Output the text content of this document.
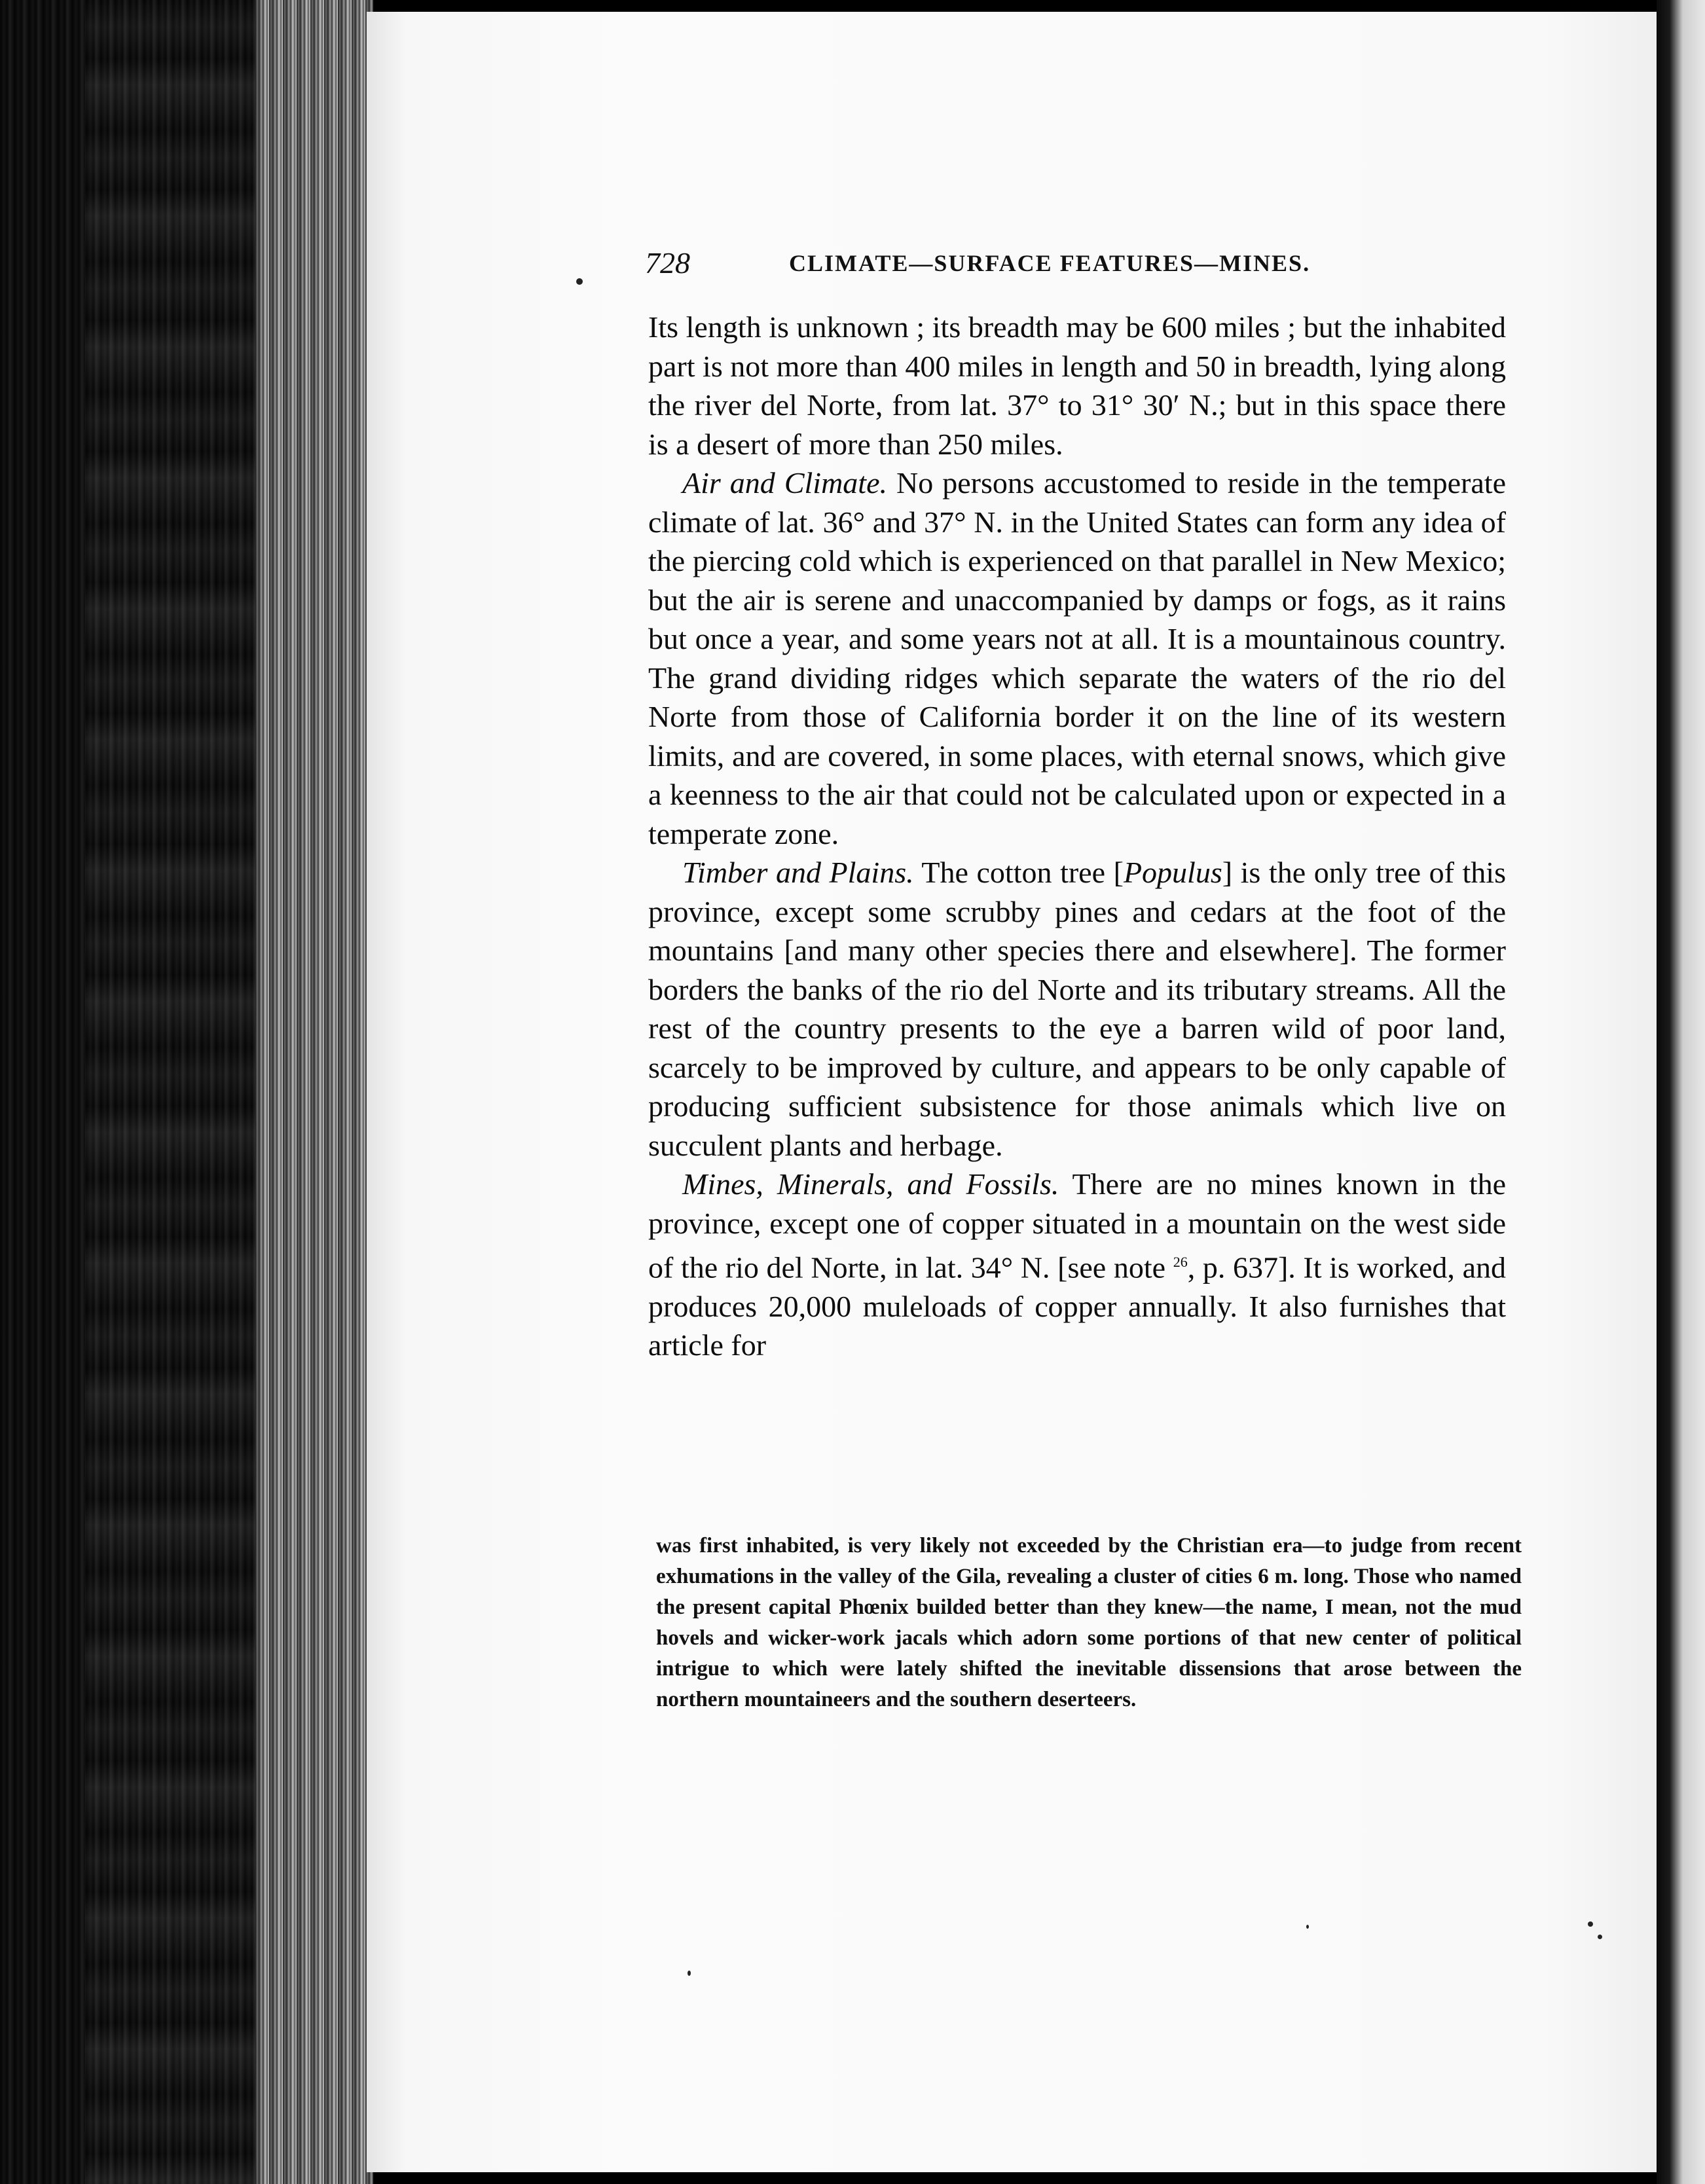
728	CLIMATE—SURFACE FEATURES—MINES.

Its length is unknown ; its breadth may be 600 miles ; but the inhabited part is not more than 400 miles in length and 50 in breadth, lying along the river del Norte, from lat. 37° to 31° 30′ N.; but in this space there is a desert of more than 250 miles.

Air and Climate. No persons accustomed to reside in the temperate climate of lat. 36° and 37° N. in the United States can form any idea of the piercing cold which is experienced on that parallel in New Mexico; but the air is serene and unaccompanied by damps or fogs, as it rains but once a year, and some years not at all. It is a mountainous country. The grand dividing ridges which separate the waters of the rio del Norte from those of California border it on the line of its western limits, and are covered, in some places, with eternal snows, which give a keenness to the air that could not be calculated upon or expected in a temperate zone.

Timber and Plains. The cotton tree [Populus] is the only tree of this province, except some scrubby pines and cedars at the foot of the mountains [and many other species there and elsewhere]. The former borders the banks of the rio del Norte and its tributary streams. All the rest of the country presents to the eye a barren wild of poor land, scarcely to be improved by culture, and appears to be only capable of producing sufficient subsistence for those animals which live on succulent plants and herbage.

Mines, Minerals, and Fossils. There are no mines known in the province, except one of copper situated in a mountain on the west side of the rio del Norte, in lat. 34° N. [see note $^{26}$, p. 637]. It is worked, and produces 20,000 muleloads of copper annually. It also furnishes that article for

was first inhabited, is very likely not exceeded by the Christian era—to judge from recent exhumations in the valley of the Gila, revealing a cluster of cities 6 m. long. Those who named the present capital Phœnix builded better than they knew—the name, I mean, not the mud hovels and wicker-work jacals which adorn some portions of that new center of political intrigue to which were lately shifted the inevitable dissensions that arose between the northern mountaineers and the southern deserteers.
